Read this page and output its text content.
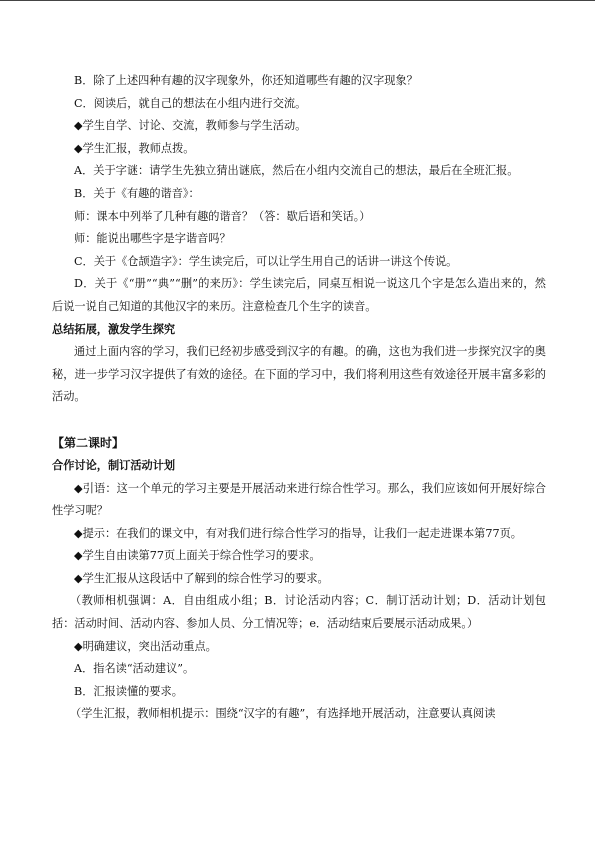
B．除了上述四种有趣的汉字现象外，你还知道哪些有趣的汉字现象？

C．阅读后，就自己的想法在小组内进行交流。

◆学生自学、讨论、交流，教师参与学生活动。

◆学生汇报，教师点拨。

A．关于字谜：请学生先独立猜出谜底，然后在小组内交流自己的想法，最后在全班汇报。

B．关于《有趣的谐音》：

师：课本中列举了几种有趣的谐音？（答：歇后语和笑话。）

师：能说出哪些字是字谐音吗？

C．关于《仓颉造字》：学生读完后，可以让学生用自己的话讲一讲这个传说。

D．关于《“册”“典”“删”的来历》：学生读完后，同桌互相说一说这几个字是怎么造出来的，然后说一说自己知道的其他汉字的来历。注意检查几个生字的读音。

总结拓展，激发学生探究

通过上面内容的学习，我们已经初步感受到汉字的有趣。的确，这也为我们进一步探究汉字的奥秘，进一步学习汉字提供了有效的途径。在下面的学习中，我们将利用这些有效途径开展丰富多彩的活动。

【第二课时】

合作讨论，制订活动计划

◆引语：这一个单元的学习主要是开展活动来进行综合性学习。那么，我们应该如何开展好综合性学习呢？

◆提示：在我们的课文中，有对我们进行综合性学习的指导，让我们一起走进课本第77页。

◆学生自由读第77页上面关于综合性学习的要求。

◆学生汇报从这段话中了解到的综合性学习的要求。

（教师相机强调：A．自由组成小组；B．讨论活动内容；C．制订活动计划；D．活动计划包括：活动时间、活动内容、参加人员、分工情况等；e．活动结束后要展示活动成果。）

◆明确建议，突出活动重点。

A．指名读“活动建议”。

B．汇报读懂的要求。

（学生汇报，教师相机提示：围绕“汉字的有趣”，有选择地开展活动，注意要认真阅读
